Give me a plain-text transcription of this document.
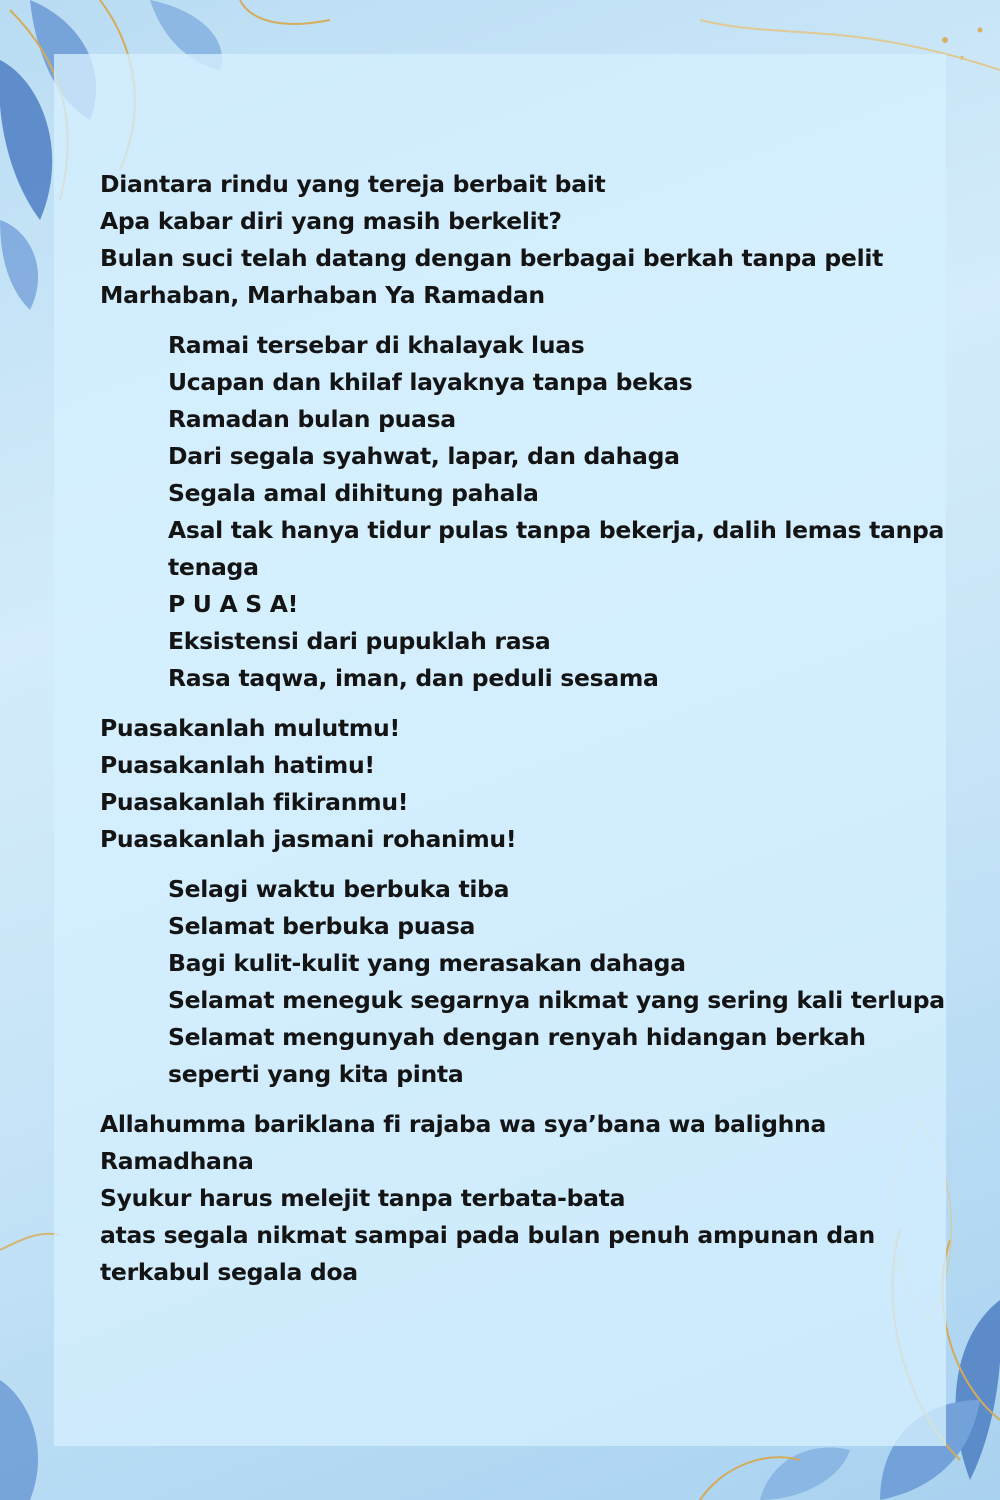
Diantara rindu yang tereja berbait bait
Apa kabar diri yang masih berkelit?
Bulan suci telah datang dengan berbagai berkah tanpa pelit
Marhaban, Marhaban Ya Ramadan

Ramai tersebar di khalayak luas
Ucapan dan khilaf layaknya tanpa bekas
Ramadan bulan puasa
Dari segala syahwat, lapar, dan dahaga
Segala amal dihitung pahala
Asal tak hanya tidur pulas tanpa bekerja, dalih lemas tanpa
tenaga
P U A S A!
Eksistensi dari pupuklah rasa
Rasa taqwa, iman, dan peduli sesama

Puasakanlah mulutmu!
Puasakanlah hatimu!
Puasakanlah fikiranmu!
Puasakanlah jasmani rohanimu!

Selagi waktu berbuka tiba
Selamat berbuka puasa
Bagi kulit-kulit yang merasakan dahaga
Selamat meneguk segarnya nikmat yang sering kali terlupa
Selamat mengunyah dengan renyah hidangan berkah
seperti yang kita pinta

Allahumma bariklana fi rajaba wa sya’bana wa balighna
Ramadhana
Syukur harus melejit tanpa terbata-bata
atas segala nikmat sampai pada bulan penuh ampunan dan
terkabul segala doa
